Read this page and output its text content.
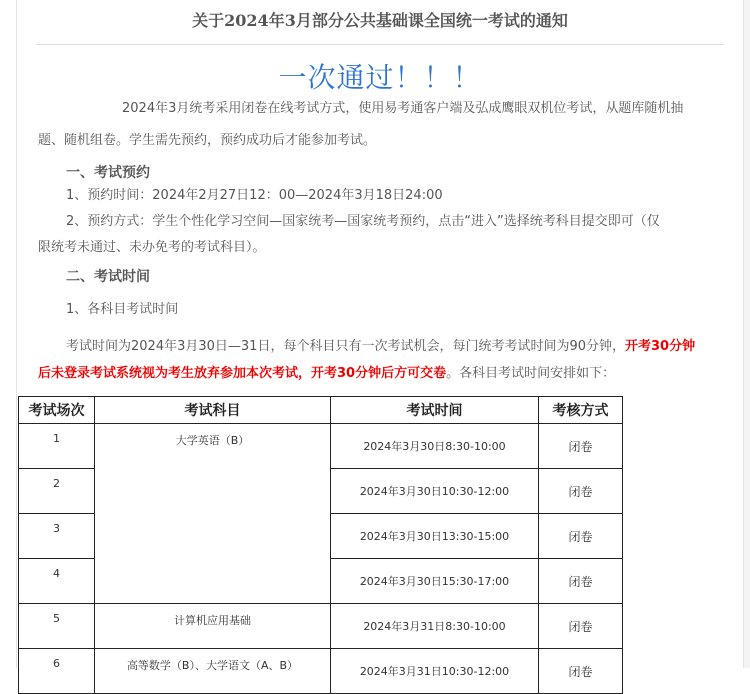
关于2024年3月部分公共基础课全国统一考试的通知
一次通过！！！
2024年3月统考采用闭卷在线考试方式，使用易考通客户端及弘成鹰眼双机位考试，从题库随机抽
题、随机组卷。学生需先预约，预约成功后才能参加考试。
一、考试预约
1、预约时间：2024年2月27日12：00—2024年3月18日24:00
2、预约方式：学生个性化学习空间—国家统考—国家统考预约，点击“进入”选择统考科目提交即可（仅
限统考未通过、未办免考的考试科目）。
二、考试时间
1、各科目考试时间
考试时间为2024年3月30日—31日，每个科目只有一次考试机会，每门统考考试时间为90分钟，开考30分钟
后未登录考试系统视为考生放弃参加本次考试，开考30分钟后方可交卷。各科目考试时间安排如下：
考试场次	考试科目	考试时间	考核方式
1	大学英语（B）	2024年3月30日8:30-10:00	闭卷
2		2024年3月30日10:30-12:00	闭卷
3		2024年3月30日13:30-15:00	闭卷
4		2024年3月30日15:30-17:00	闭卷
5	计算机应用基础	2024年3月31日8:30-10:00	闭卷
6	高等数学（B）、大学语文（A、B）	2024年3月31日10:30-12:00	闭卷
